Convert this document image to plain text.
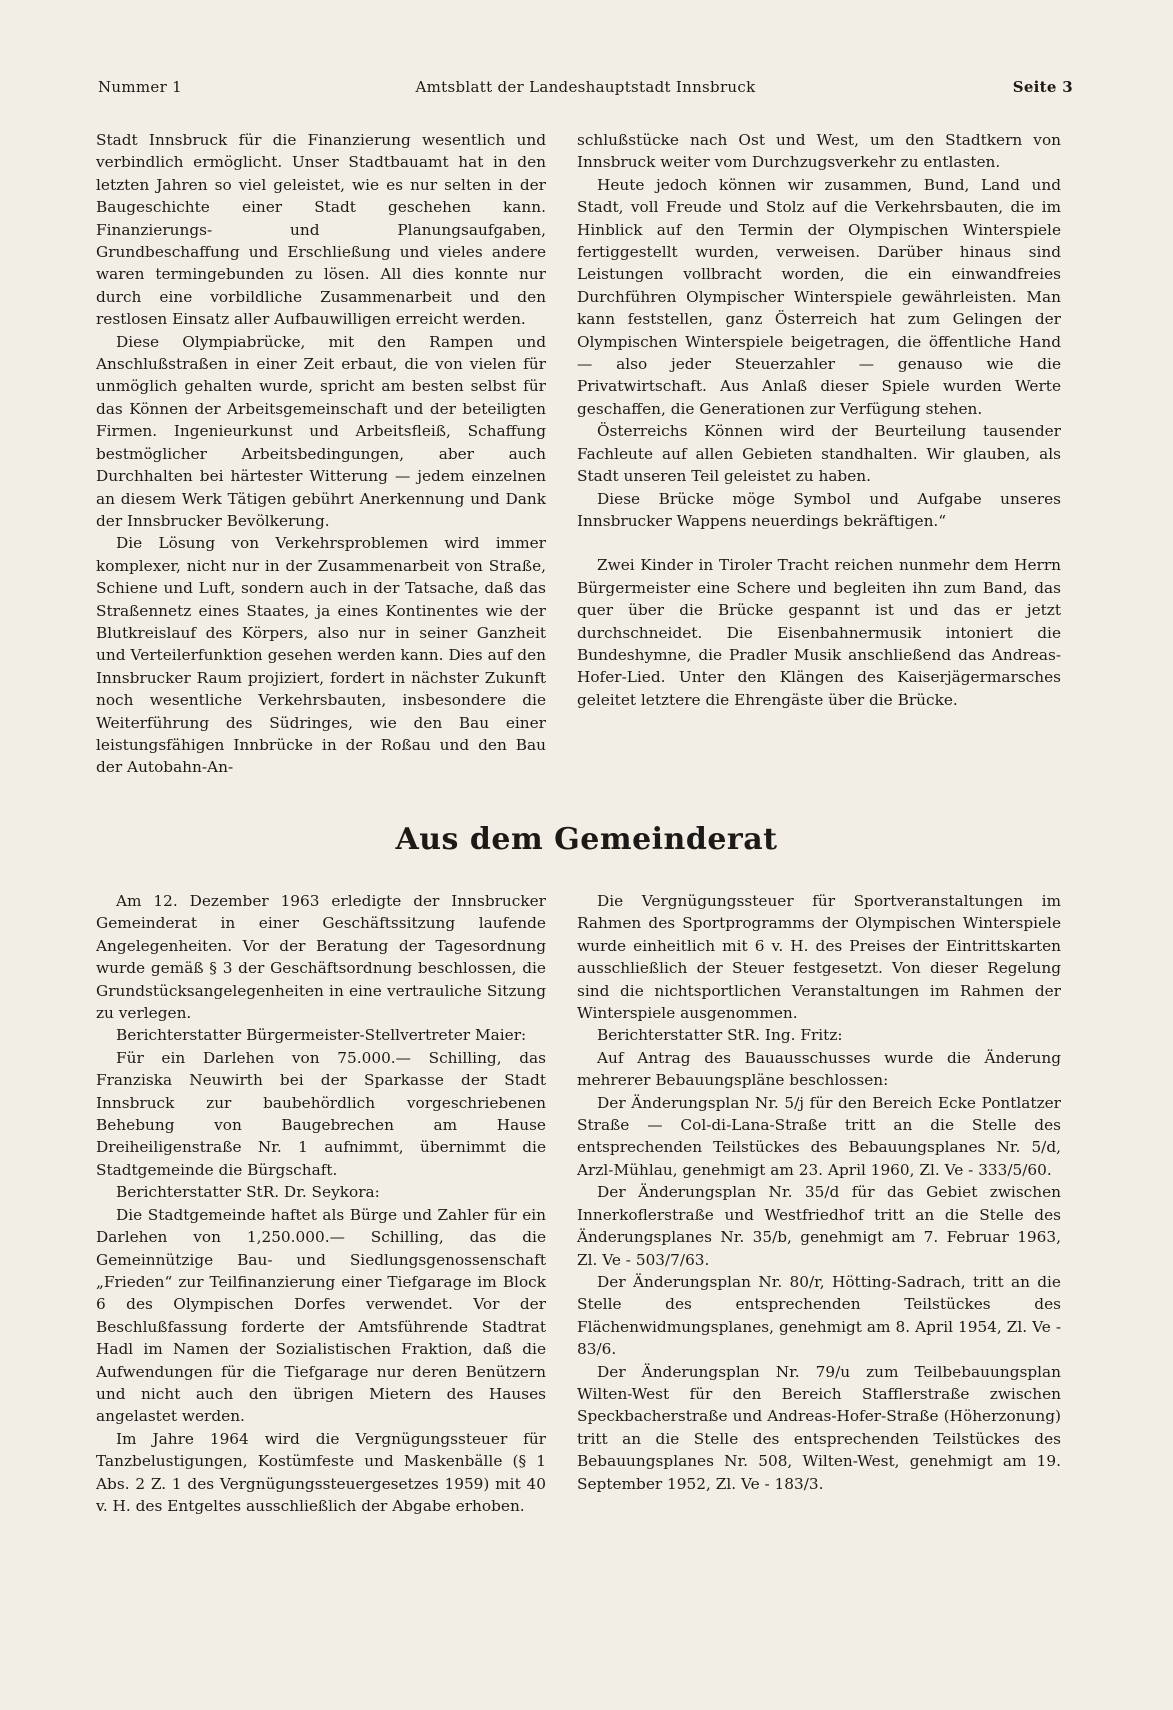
Nummer 1	Amtsblatt der Landeshauptstadt Innsbruck	Seite 3

Stadt Innsbruck für die Finanzierung wesentlich und verbindlich ermöglicht. Unser Stadtbauamt hat in den letzten Jahren so viel geleistet, wie es nur selten in der Baugeschichte einer Stadt geschehen kann. Finanzierungs- und Planungsaufgaben, Grundbeschaffung und Erschließung und vieles andere waren termingebunden zu lösen. All dies konnte nur durch eine vorbildliche Zusammenarbeit und den restlosen Einsatz aller Aufbauwilligen erreicht werden.

Diese Olympiabrücke, mit den Rampen und Anschlußstraßen in einer Zeit erbaut, die von vielen für unmöglich gehalten wurde, spricht am besten selbst für das Können der Arbeitsgemeinschaft und der beteiligten Firmen. Ingenieurkunst und Arbeitsfleiß, Schaffung bestmöglicher Arbeitsbedingungen, aber auch Durchhalten bei härtester Witterung — jedem einzelnen an diesem Werk Tätigen gebührt Anerkennung und Dank der Innsbrucker Bevölkerung.

Die Lösung von Verkehrsproblemen wird immer komplexer, nicht nur in der Zusammenarbeit von Straße, Schiene und Luft, sondern auch in der Tatsache, daß das Straßennetz eines Staates, ja eines Kontinentes wie der Blutkreislauf des Körpers, also nur in seiner Ganzheit und Verteilerfunktion gesehen werden kann. Dies auf den Innsbrucker Raum projiziert, fordert in nächster Zukunft noch wesentliche Verkehrsbauten, insbesondere die Weiterführung des Südringes, wie den Bau einer leistungsfähigen Innbrücke in der Roßau und den Bau der Autobahn-An-

schlußstücke nach Ost und West, um den Stadtkern von Innsbruck weiter vom Durchzugsverkehr zu entlasten.

Heute jedoch können wir zusammen, Bund, Land und Stadt, voll Freude und Stolz auf die Verkehrsbauten, die im Hinblick auf den Termin der Olympischen Winterspiele fertiggestellt wurden, verweisen. Darüber hinaus sind Leistungen vollbracht worden, die ein einwandfreies Durchführen Olympischer Winterspiele gewährleisten. Man kann feststellen, ganz Österreich hat zum Gelingen der Olympischen Winterspiele beigetragen, die öffentliche Hand — also jeder Steuerzahler — genauso wie die Privatwirtschaft. Aus Anlaß dieser Spiele wurden Werte geschaffen, die Generationen zur Verfügung stehen.

Österreichs Können wird der Beurteilung tausender Fachleute auf allen Gebieten standhalten. Wir glauben, als Stadt unseren Teil geleistet zu haben.

Diese Brücke möge Symbol und Aufgabe unseres Innsbrucker Wappens neuerdings bekräftigen.“

Zwei Kinder in Tiroler Tracht reichen nunmehr dem Herrn Bürgermeister eine Schere und begleiten ihn zum Band, das quer über die Brücke gespannt ist und das er jetzt durchschneidet. Die Eisenbahnermusik intoniert die Bundeshymne, die Pradler Musik anschließend das Andreas-Hofer-Lied. Unter den Klängen des Kaiserjägermarsches geleitet letztere die Ehrengäste über die Brücke.

Aus dem Gemeinderat

Am 12. Dezember 1963 erledigte der Innsbrucker Gemeinderat in einer Geschäftssitzung laufende Angelegenheiten. Vor der Beratung der Tagesordnung wurde gemäß § 3 der Geschäftsordnung beschlossen, die Grundstücksangelegenheiten in eine vertrauliche Sitzung zu verlegen.

Berichterstatter Bürgermeister-Stellvertreter Maier:

Für ein Darlehen von 75.000.— Schilling, das Franziska Neuwirth bei der Sparkasse der Stadt Innsbruck zur baubehördlich vorgeschriebenen Behebung von Baugebrechen am Hause Dreiheiligenstraße Nr. 1 aufnimmt, übernimmt die Stadtgemeinde die Bürgschaft.

Berichterstatter StR. Dr. Seykora:

Die Stadtgemeinde haftet als Bürge und Zahler für ein Darlehen von 1,250.000.— Schilling, das die Gemeinnützige Bau- und Siedlungsgenossenschaft „Frieden“ zur Teilfinanzierung einer Tiefgarage im Block 6 des Olympischen Dorfes verwendet. Vor der Beschlußfassung forderte der Amtsführende Stadtrat Hadl im Namen der Sozialistischen Fraktion, daß die Aufwendungen für die Tiefgarage nur deren Benützern und nicht auch den übrigen Mietern des Hauses angelastet werden.

Im Jahre 1964 wird die Vergnügungssteuer für Tanzbelustigungen, Kostümfeste und Maskenbälle (§ 1 Abs. 2 Z. 1 des Vergnügungssteuergesetzes 1959) mit 40 v. H. des Entgeltes ausschließlich der Abgabe erhoben.

Die Vergnügungssteuer für Sportveranstaltungen im Rahmen des Sportprogramms der Olympischen Winterspiele wurde einheitlich mit 6 v. H. des Preises der Eintrittskarten ausschließlich der Steuer festgesetzt. Von dieser Regelung sind die nichtsportlichen Veranstaltungen im Rahmen der Winterspiele ausgenommen.

Berichterstatter StR. Ing. Fritz:

Auf Antrag des Bauausschusses wurde die Änderung mehrerer Bebauungspläne beschlossen:

Der Änderungsplan Nr. 5/j für den Bereich Ecke Pontlatzer Straße — Col-di-Lana-Straße tritt an die Stelle des entsprechenden Teilstückes des Bebauungsplanes Nr. 5/d, Arzl-Mühlau, genehmigt am 23. April 1960, Zl. Ve - 333/5/60.

Der Änderungsplan Nr. 35/d für das Gebiet zwischen Innerkoflerstraße und Westfriedhof tritt an die Stelle des Änderungsplanes Nr. 35/b, genehmigt am 7. Februar 1963, Zl. Ve - 503/7/63.

Der Änderungsplan Nr. 80/r, Hötting-Sadrach, tritt an die Stelle des entsprechenden Teilstückes des Flächenwidmungsplanes, genehmigt am 8. April 1954, Zl. Ve - 83/6.

Der Änderungsplan Nr. 79/u zum Teilbebauungsplan Wilten-West für den Bereich Stafflerstraße zwischen Speckbacherstraße und Andreas-Hofer-Straße (Höherzonung) tritt an die Stelle des entsprechenden Teilstückes des Bebauungsplanes Nr. 508, Wilten-West, genehmigt am 19. September 1952, Zl. Ve - 183/3.
